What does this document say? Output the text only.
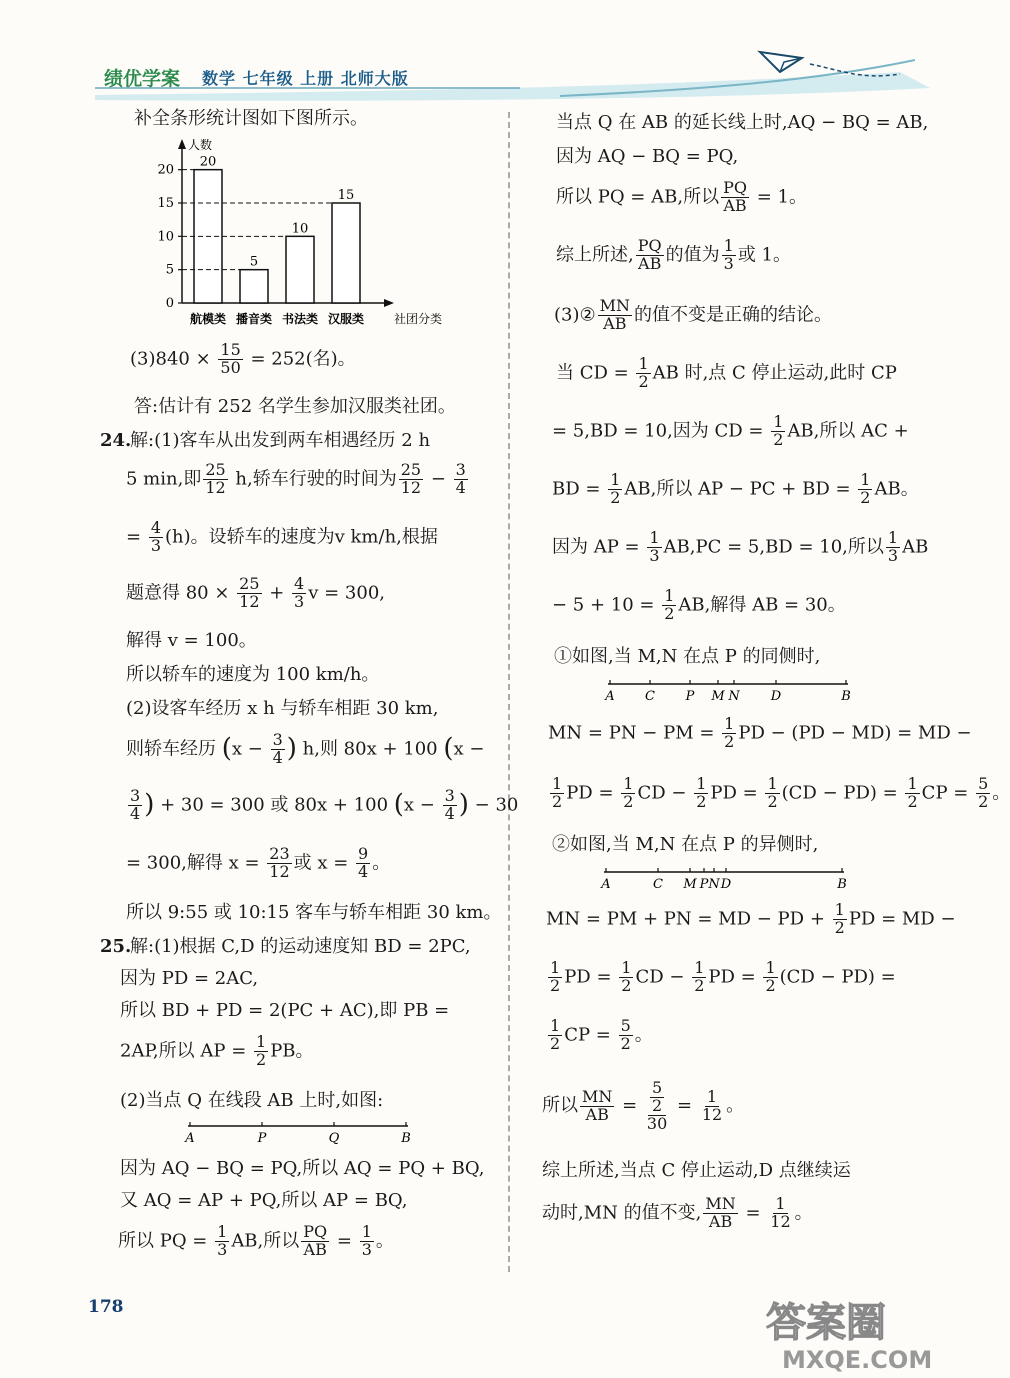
绩优学案 数学 七年级 上册 北师大版
补全条形统计图如下图所示。
人数
社团分类
0
5
10
15
20
20
航模类
5
播音类
10
书法类
15
汉服类
$(3)840 \times \frac{15}{50} = 252$(名)。
答:估计有 252 名学生参加汉服类社团。
24.
解:(1)客车从出发到两车相遇经历 2 h
5 min,即 $\frac{25}{12} h$,轿车行驶的时间为 $\frac{25}{12} - \frac{3}{4}$
= $\frac{4}{3} (h)$。设轿车的速度为v km/h,根据
题意得 $80 \times \frac{25}{12} + \frac{4}{3}$ v = 300,
解得 v = 100。
所以轿车的速度为 100 km/h。
(2)设客车经历 x h 与轿车相距 30 km,
则轿车经历 ($x - \frac{3}{4}$ ) h,则 80x + 100 (x −
$\frac{3}{4}$ ) + 30 = 300 或 80x + 100 ($x - \frac{3}{4}$ ) − 30
= 300,解得 $x = \frac{23}{12}$ 或 $x = \frac{9}{4}$ 。
所以 9:55 或 10:15 客车与轿车相距 30 km。
25.
解:(1)根据 C,D 的运动速度知 BD = 2PC,
因为 PD = 2AC,
所以 BD + PD = 2(PC + AC),即 PB =
2AP,所以 AP = $\frac{1}{2}$ PB。
(2)当点 Q 在线段 AB 上时,如图:
A	P	Q	B
因为 AQ − BQ = PQ,所以 AQ = PQ + BQ,
又 AQ = AP + PQ,所以 AP = BQ,
所以 PQ = $\frac{1}{3}$ AB,所以 $\frac{PQ}{AB} = \frac{1}{3}$ 。
当点 Q 在 AB 的延长线上时,AQ − BQ = AB,
因为 AQ − BQ = PQ,
所以 PQ = AB,所以 $\frac{PQ}{AB} = 1$。
综上所述, $\frac{PQ}{AB}$ 的值为 $\frac{1}{3}$ 或 1。
(3)② $\frac{MN}{AB}$ 的值不变是正确的结论。
当 CD = $\frac{1}{2}$ AB 时,点 C 停止运动,此时 CP
= 5,BD = 10,因为 CD = $\frac{1}{2}$ AB,所以 AC +
BD = $\frac{1}{2}$ AB,所以 AP − PC + BD = $\frac{1}{2}$ AB。
因为 AP = $\frac{1}{3} AB,PC = 5,BD = 10$,所以 $\frac{1}{3}$ AB
− $5 + 10 = \frac{1}{2}$ AB,解得 AB = 30。
①如图,当 M,N 在点 P 的同侧时,
A C P M N D	B
MN = PN − PM = $\frac{1}{2}$ PD − (PD − MD) = MD −
$\frac{1}{2}$ PD = $\frac{1}{2}$ CD − $\frac{1}{2}$ PD = $\frac{1}{2} (CD - PD) = \frac{1}{2}$ CP = $\frac{5}{2}$ 。
②如图,当 M,N 在点 P 的异侧时,
A	C M P N D	B
MN = PM + PN = MD − PD + $\frac{1}{2}$ PD = MD −
$\frac{1}{2}$ PD = $\frac{1}{2}$ CD − $\frac{1}{2}$ PD = $\frac{1}{2} (CD - PD)$ =
$\frac{1}{2}$ CP = $\frac{5}{2}$ 。
所以 $\frac{MN}{AB} = \frac{\frac{5}{2}}{30} = \frac{1}{12}$ 。
综上所述,当点 C 停止运动,D 点继续运
动时,MN 的值不变, $\frac{MN}{AB} = \frac{1}{12}$ 。
178	答案圈
MXQE.COM
